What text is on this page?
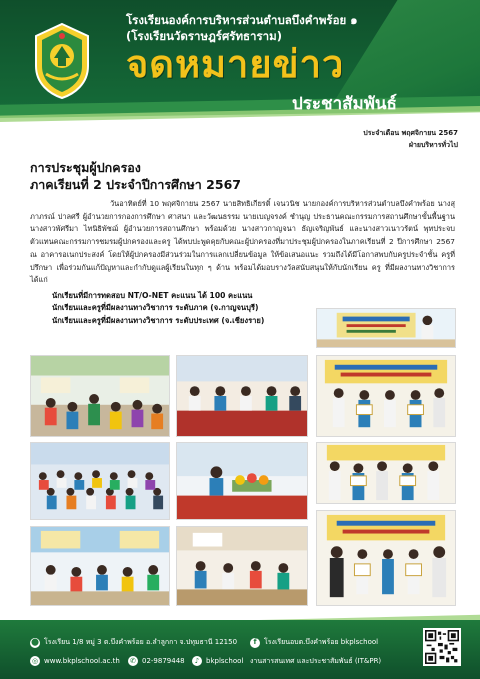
โรงเรียนองค์การบริหารส่วนตำบลบึงคำพร้อย ๑
(โรงเรียนวัดราษฎร์ศรัทธาราม)
จดหมายข่าว
ประชาสัมพันธ์
ประจำเดือน พฤศจิกายน 2567
ฝ่ายบริหารทั่วไป
การประชุมผู้ปกครอง
ภาคเรียนที่ 2 ประจำปีการศึกษา 2567

วันอาทิตย์ที่ 10 พฤศจิกายน 2567 นายสิทธิเกียรติ์ เจนวนิช นายกองค์การบริหารส่วนตำบลบึงคำพร้อย นางสุภาภรณ์ ปาลศรี ผู้อำนวยการกองการศึกษา ศาสนา และวัฒนธรรม นายเบญจรงค์ ชำนุญ ประธานคณะกรรมการสถานศึกษาขั้นพื้นฐาน นางสาวพัศรีมา ไทนิธิพัชฌ์ ผู้อำนวยการสถานศึกษา พร้อมด้วย นางสาวกาญจนา ธัญเจริญพันธ์ และนางสาวเนาวรัตน์ พุทประจบ ตัวแทนคณะกรรมการชมรมผู้ปกครองและครู ได้พบปะพูดคุยกับคณะผู้ปกครองที่มาประชุมผู้ปกครองในภาคเรียนที่ 2 ปีการศึกษา 2567 ณ อาคารอเนกประสงค์ โดยให้ผู้ปกครองมีส่วนร่วมในการแลกเปลี่ยนข้อมูล ให้ข้อเสนอแนะ รวมถึงได้มีโอกาสพบกับครูประจำชั้น ครูที่ปรึกษา เพื่อร่วมกันแก้ปัญหาและกำกับดูแลผู้เรียนในทุก ๆ ด้าน พร้อมได้มอบรางวัลสนับสนุนให้กับนักเรียน ครู ที่มีผลงานทางวิชาการ ได้แก่

นักเรียนที่มีการทดสอบ NT/O-NET คะแนน ได้ 100 คะแนน
นักเรียนและครูที่มีผลงานทางวิชาการ ระดับภาค (จ.กาญจนบุรี)
นักเรียนและครูที่มีผลงานทางวิชาการ ระดับประเทศ (จ.เชียงราย)
⬤ โรงเรียน 1/8 หมู่ 3 ต.บึงคำพร้อย อ.ลำลูกกา จ.ปทุมธานี 12150	f	โรงเรียนอบต.บึงคำพร้อย bkplschool
◎ www.bkplschool.ac.th ✆ 02-9879448	♪ bkplschool งานสารสนเทศ และประชาสัมพันธ์ (IT&PR)
